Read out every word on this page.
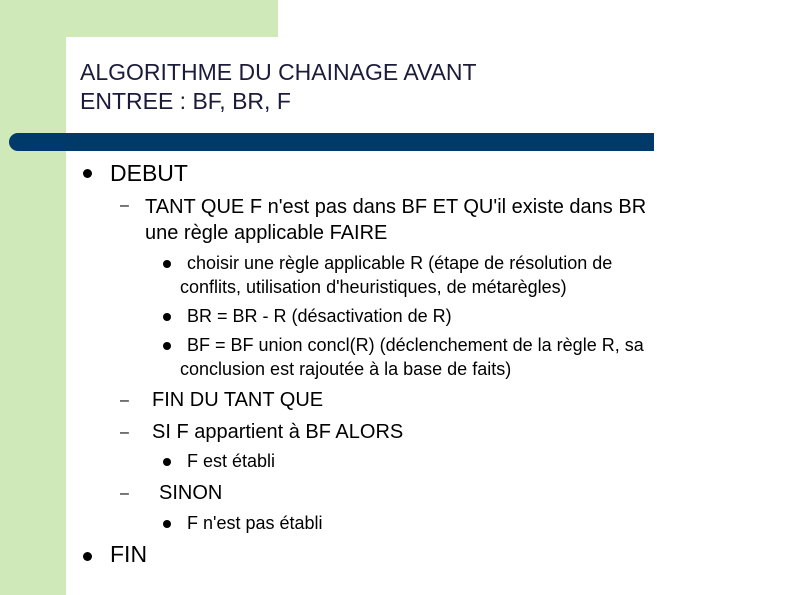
ALGORITHME DU CHAINAGE AVANT
ENTREE : BF, BR, F
DEBUT
– TANT QUE F n'est pas dans BF ET QU'il existe dans BR
une règle applicable FAIRE
choisir une règle applicable R (étape de résolution de
conflits, utilisation d'heuristiques, de métarègles)
BR = BR - R (désactivation de R)
BF = BF union concl(R) (déclenchement de la règle R, sa
conclusion est rajoutée à la base de faits)
– FIN DU TANT QUE
– SI F appartient à BF ALORS
F est établi
– SINON
F n'est pas établi
FIN
